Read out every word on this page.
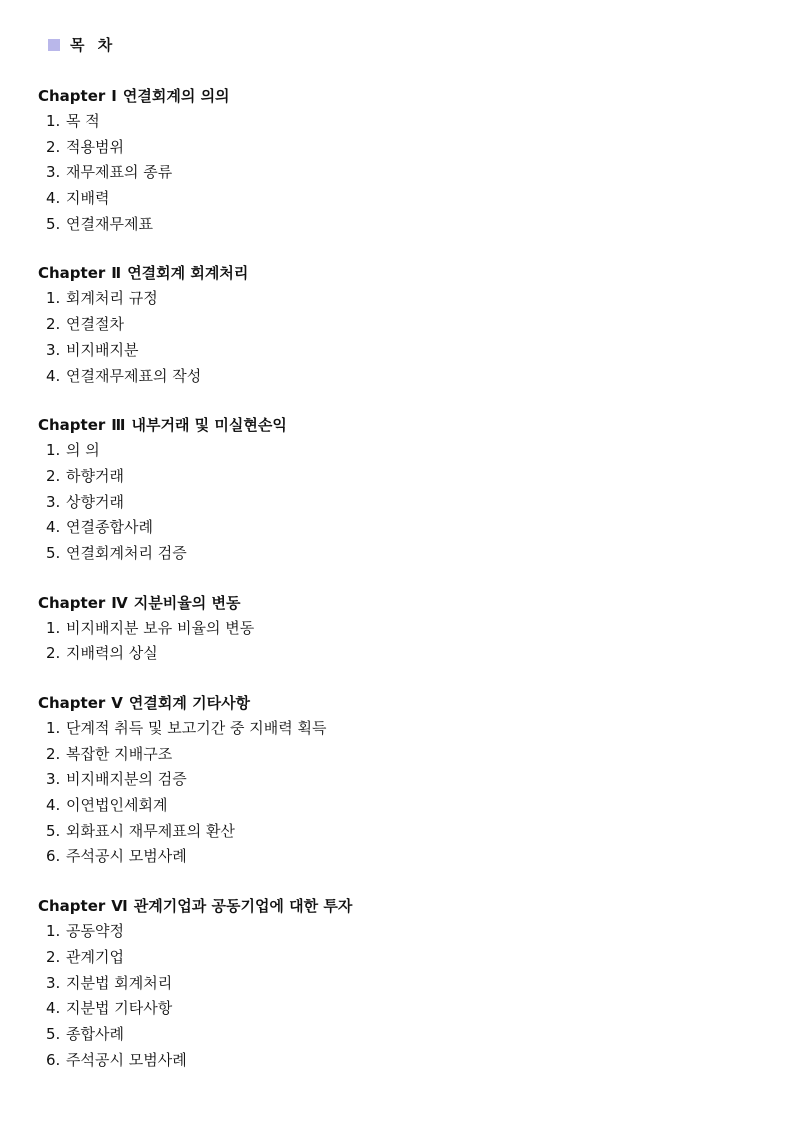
목 차
Chapter Ⅰ 연결회계의 의의
1. 목 적
2. 적용범위
3. 재무제표의 종류
4. 지배력
5. 연결재무제표
Chapter Ⅱ 연결회계 회계처리
1. 회계처리 규정
2. 연결절차
3. 비지배지분
4. 연결재무제표의 작성
Chapter Ⅲ 내부거래 및 미실현손익
1. 의 의
2. 하향거래
3. 상향거래
4. 연결종합사례
5. 연결회계처리 검증
Chapter Ⅳ 지분비율의 변동
1. 비지배지분 보유 비율의 변동
2. 지배력의 상실
Chapter Ⅴ 연결회계 기타사항
1. 단계적 취득 및 보고기간 중 지배력 획득
2. 복잡한 지배구조
3. 비지배지분의 검증
4. 이연법인세회계
5. 외화표시 재무제표의 환산
6. 주석공시 모범사례
Chapter Ⅵ 관계기업과 공동기업에 대한 투자
1. 공동약정
2. 관계기업
3. 지분법 회계처리
4. 지분법 기타사항
5. 종합사례
6. 주석공시 모범사례
